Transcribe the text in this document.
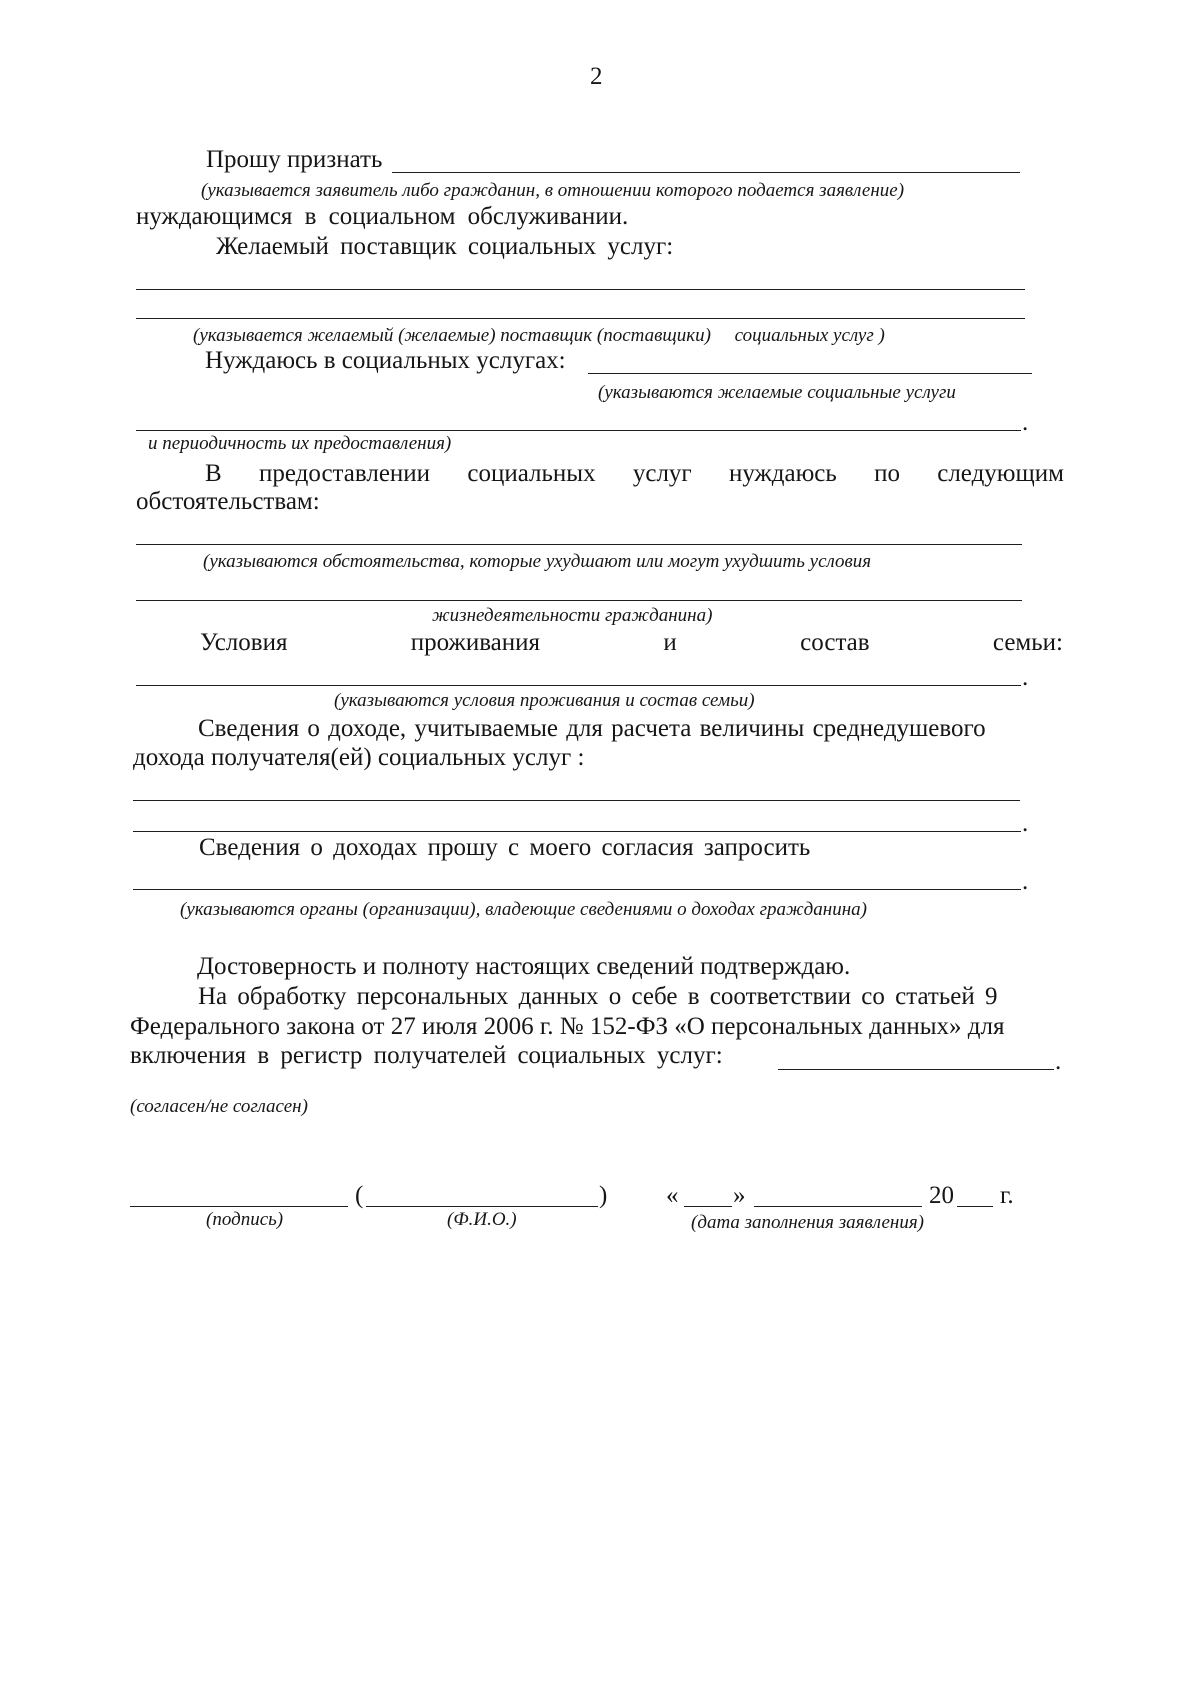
2
Прошу признать
(указывается заявитель либо гражданин, в отношении которого подается заявление)
нуждающимся в социальном обслуживании.
Желаемый поставщик социальных услуг:
(указывается желаемый (желаемые) поставщик (поставщики)     социальных услуг )
Нуждаюсь в социальных услугах:
(указываются желаемые социальные услуги
.
и периодичность их предоставления)
В предоставлении социальных услуг нуждаюсь по следующим
обстоятельствам:
(указываются обстоятельства, которые ухудшают или могут ухудшить условия
жизнедеятельности гражданина)
Условия	проживания	и	состав	семьи:
.
(указываются условия проживания и состав семьи)
Сведения о доходе, учитываемые для расчета величины среднедушевого
дохода получателя(ей) социальных услуг :
.
Сведения о доходах прошу с моего согласия запросить
.
(указываются органы (организации), владеющие сведениями о доходах гражданина)
Достоверность и полноту настоящих сведений подтверждаю.
На обработку персональных данных о себе в соответствии со статьей 9
Федерального закона от 27 июля 2006 г. № 152-ФЗ «О персональных данных» для
включения в регистр получателей социальных услуг:	.
(согласен/не согласен)
(	) « »	20 г.
(подпись)	(Ф.И.О.)	(дата заполнения заявления)
